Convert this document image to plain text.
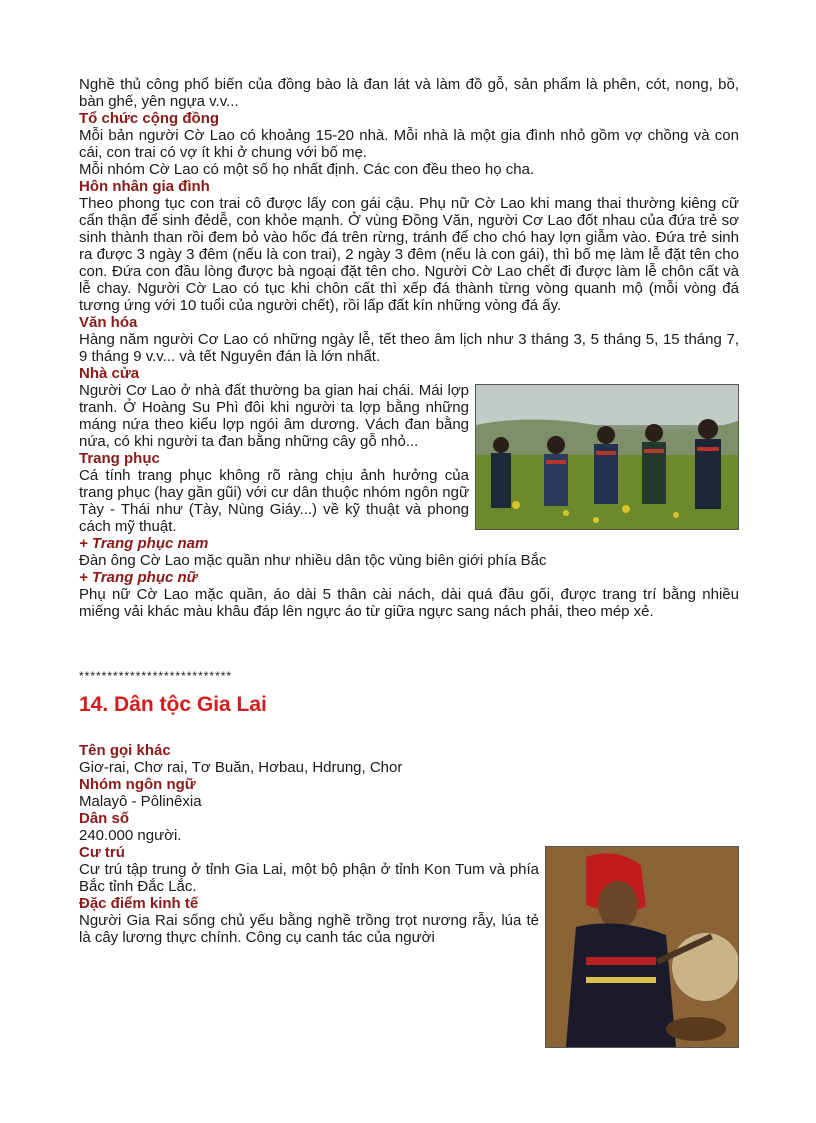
Nghề thủ công phổ biến của đồng bào là đan lát và làm đồ gỗ, sản phẩm là phên, cót, nong, bồ, bàn ghế, yên ngựa v.v...

Tổ chức cộng đồng

Mỗi bản người Cờ Lao có khoảng 15-20 nhà. Mỗi nhà là một gia đình nhỏ gồm vợ chồng và con cái, con trai có vợ ít khi ở chung với bố mẹ.

Mỗi nhóm Cờ Lao có một số họ nhất định. Các con đều theo họ cha.

Hôn nhân gia đình

Theo phong tục con trai cô được lấy con gái cậu. Phụ nữ Cờ Lao khi mang thai thường kiêng cữ cẩn thận để sinh đẻdễ, con khỏe mạnh. Ở vùng Đồng Văn, người Cơ Lao đốt nhau của đứa trẻ sơ sinh thành than rồi đem bỏ vào hốc đá trên rừng, tránh để cho chó hay lợn giẫm vào. Đứa trẻ sinh ra được 3 ngày 3 đêm (nếu là con trai), 2 ngày 3 đêm (nếu là con gái), thì bố mẹ làm lễ đặt tên cho con. Đứa con đầu lòng được bà ngoại đặt tên cho. Người Cờ Lao chết đi được làm lễ chôn cất và lễ chay. Người Cờ Lao có tục khi chôn cất thì xếp đá thành từng vòng quanh mộ (mỗi vòng đá tương ứng với 10 tuổi của người chết), rồi lấp đất kín những vòng đá ấy.

Văn hóa

Hàng năm người Cơ Lao có những ngày lễ, tết theo âm lịch như 3 tháng 3, 5 tháng 5, 15 tháng 7, 9 tháng 9 v.v... và tết Nguyên đán là lớn nhất.

Nhà cửa

Người Cơ Lao ở nhà đất thường ba gian hai chái. Mái lợp tranh. Ở Hoàng Su Phì đôi khi người ta lợp bằng những máng nứa theo kiểu lợp ngói âm dương. Vách đan bằng nứa, có khi người ta đan bằng những cây gỗ nhỏ...

Trang phục

Cá tính trang phục không rõ ràng chịu ảnh hưởng của trang phục (hay gần gũi) với cư dân thuộc nhóm ngôn ngữ Tày - Thái như (Tày, Nùng Giáy...) về kỹ thuật và phong cách mỹ thuật.

+ Trang phục nam

Đàn ông Cờ Lao mặc quần như nhiều dân tộc vùng biên giới phía Bắc

+ Trang phục nữ

Phụ nữ Cờ Lao mặc quần, áo dài 5 thân cài nách, dài quá đầu gối, được trang trí bằng nhiều miếng vải khác màu khâu đáp lên ngực áo từ giữa ngực sang nách phải, theo mép xẻ.

***************************
14. Dân tộc Gia Lai
Tên gọi khác

Giơ-rai, Chơ rai, Tơ Buăn, Hơbau, Hdrung, Chor

Nhóm ngôn ngữ

Malayô - Pôlinêxia

Dân số

240.000 người.

Cư trú

Cư trú tập trung ở tỉnh Gia Lai, một bộ phận ở tỉnh Kon Tum và phía Bắc tỉnh Đắc Lắc.

Đặc điểm kinh tế

Người Gia Rai sống chủ yếu bằng nghề trồng trọt nương rẫy, lúa tẻ là cây lương thực chính. Công cụ canh tác của người
